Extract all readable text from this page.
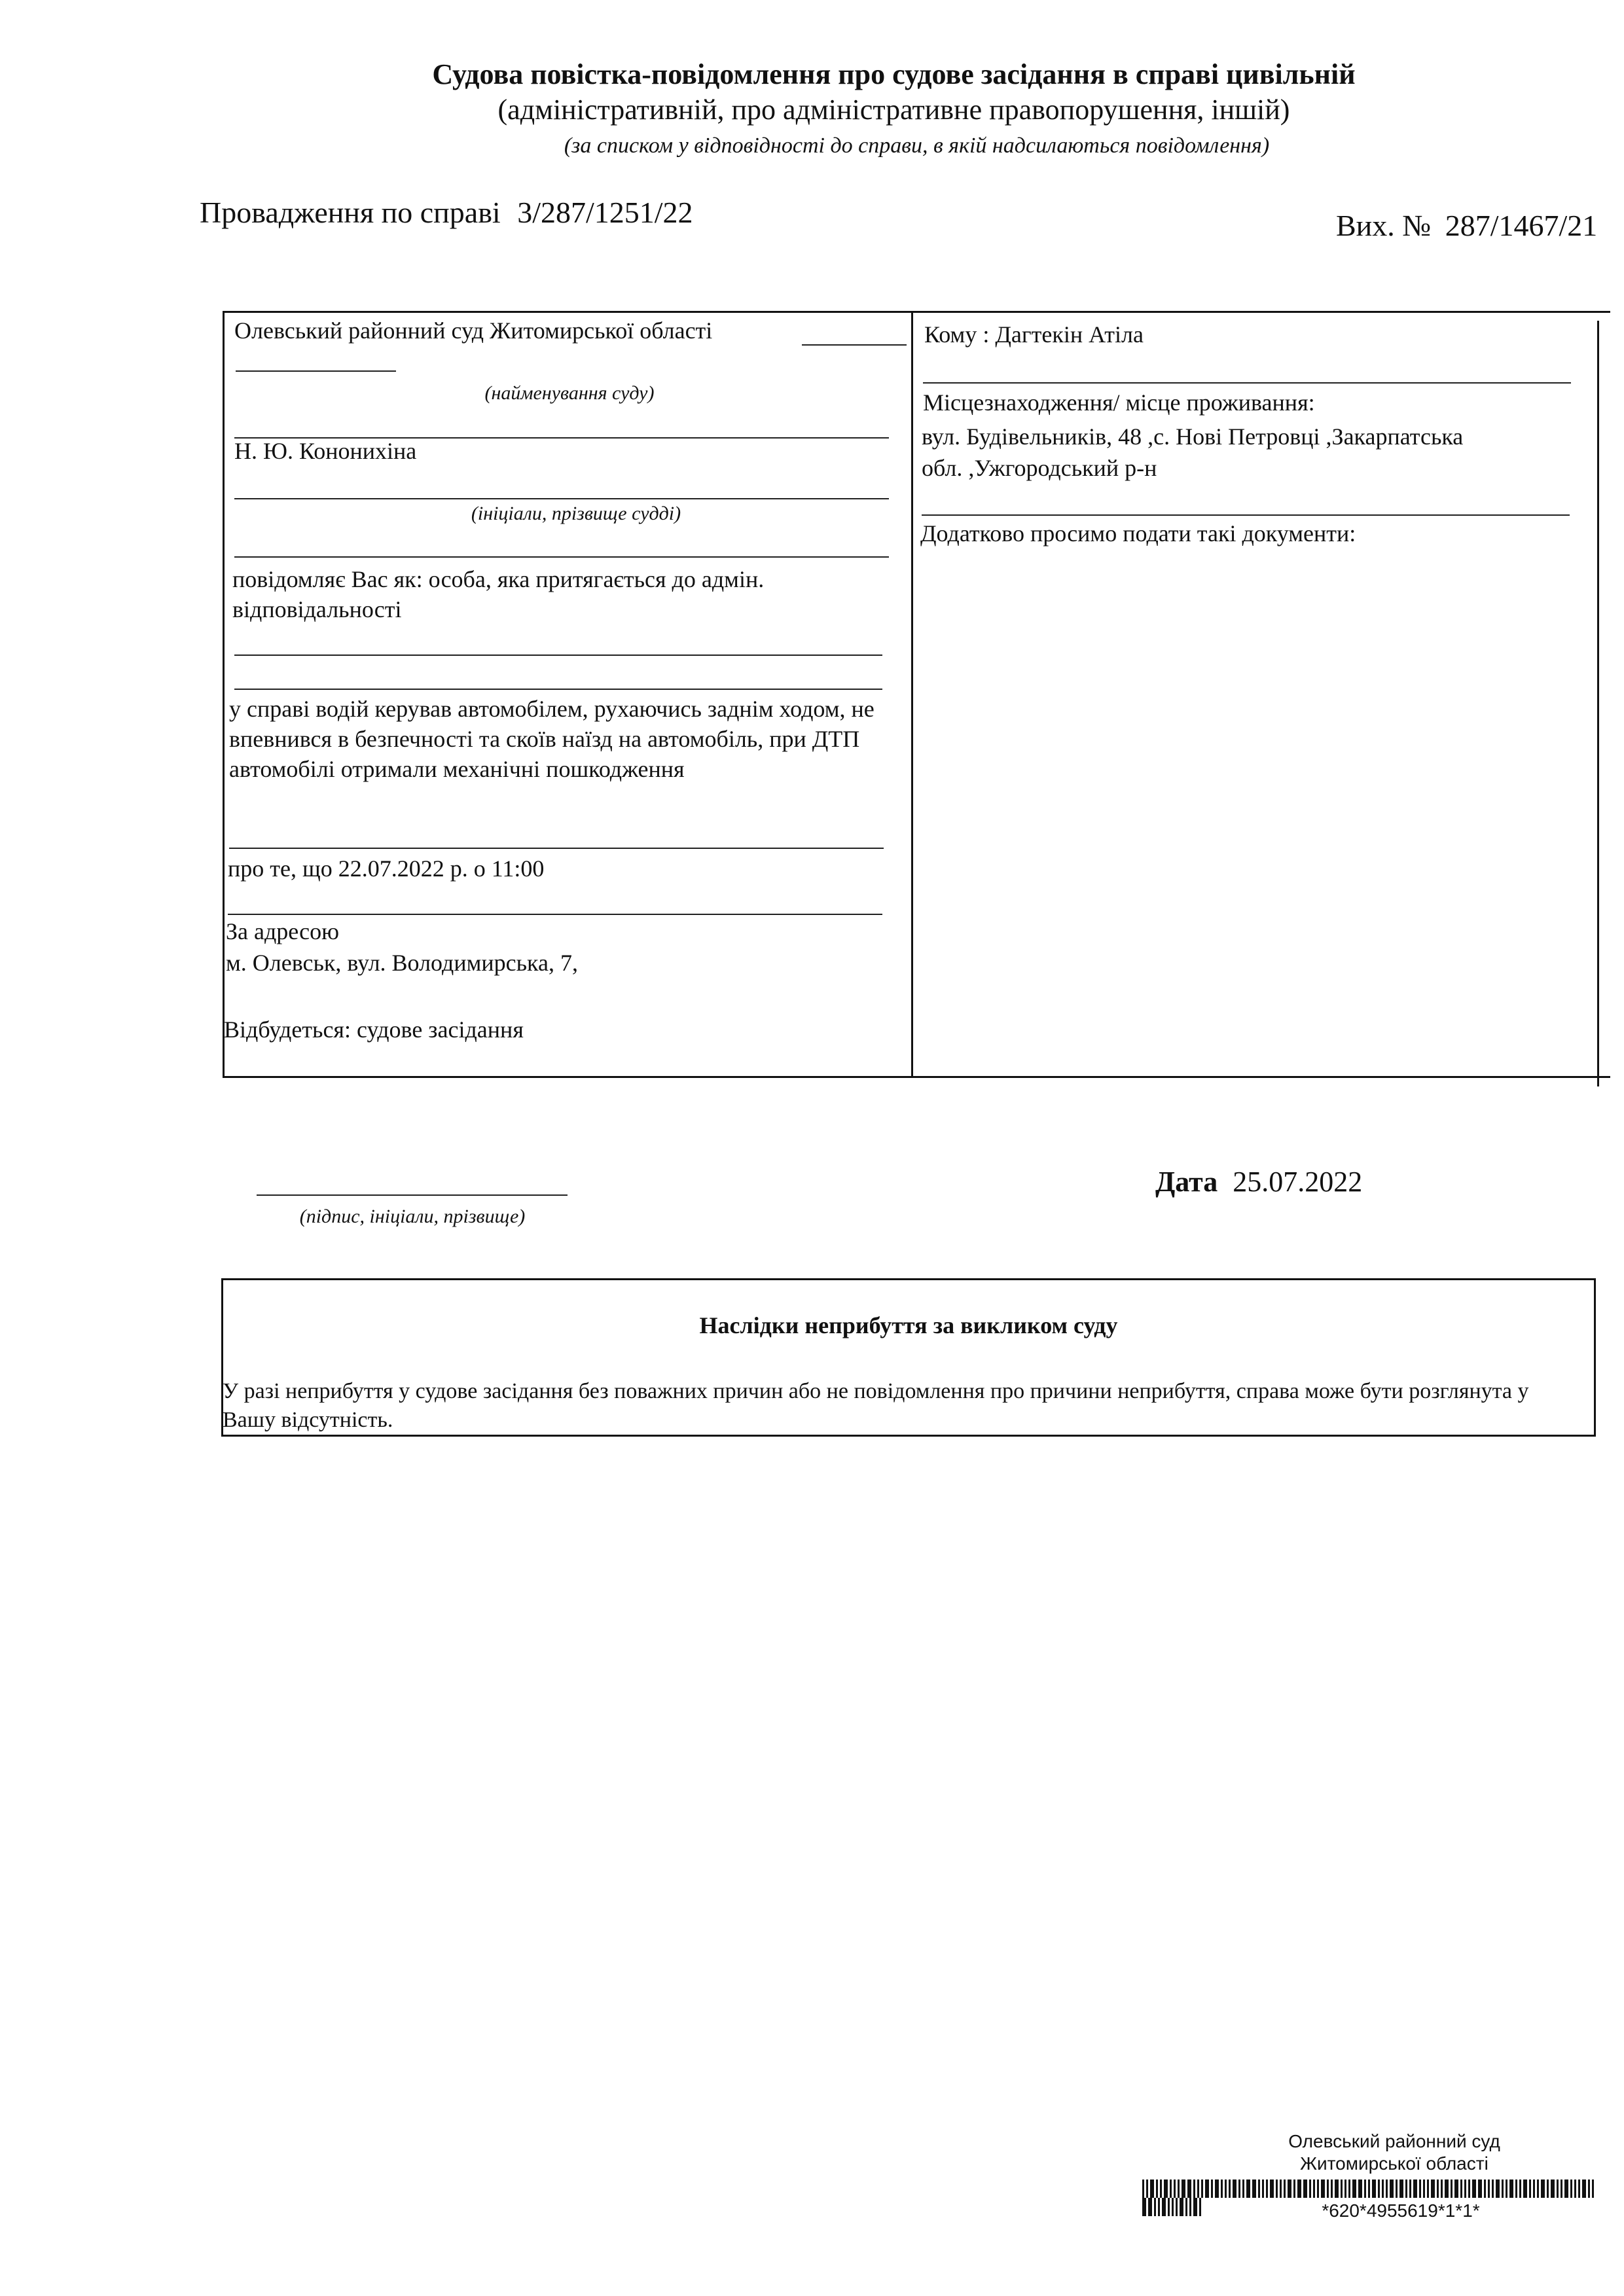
Судова повістка-повідомлення про судове засідання в справі цивільній
(адміністративній, про адміністративне правопорушення, іншій)
(за списком у відповідності до справи, в якій надсилаються повідомлення)
Провадження по справі 3/287/1251/22	Вих. № 287/1467/21
Олевський районний суд Житомирської області
(найменування суду)
Н. Ю. Кононихіна
(ініціали, прізвище судді)
повідомляє Вас як: особа, яка притягається до адмін. відповідальності
у справі водій керував автомобілем, рухаючись заднім ходом, не впевнився в безпечності та скоїв наїзд на автомобіль, при ДТП автомобілі отримали механічні пошкодження
про те, що 22.07.2022 р. о 11:00
За адресою
м. Олевськ, вул. Володимирська, 7,
Відбудеться: судове засідання
Кому : Дагтекін Атіла
Місцезнаходження/ місце проживання:
вул. Будівельників, 48 ,с. Нові Петровці ,Закарпатська
обл. ,Ужгородський р-н
Додатково просимо подати такі документи:
(підпис, ініціали, прізвище)
Дата 25.07.2022
Наслідки неприбуття за викликом суду
У разі неприбуття у судове засідання без поважних причин або не повідомлення про причини неприбуття, справа може бути розглянута у Вашу відсутність.
Олевський районний суд
Житомирської області
*620*4955619*1*1*
